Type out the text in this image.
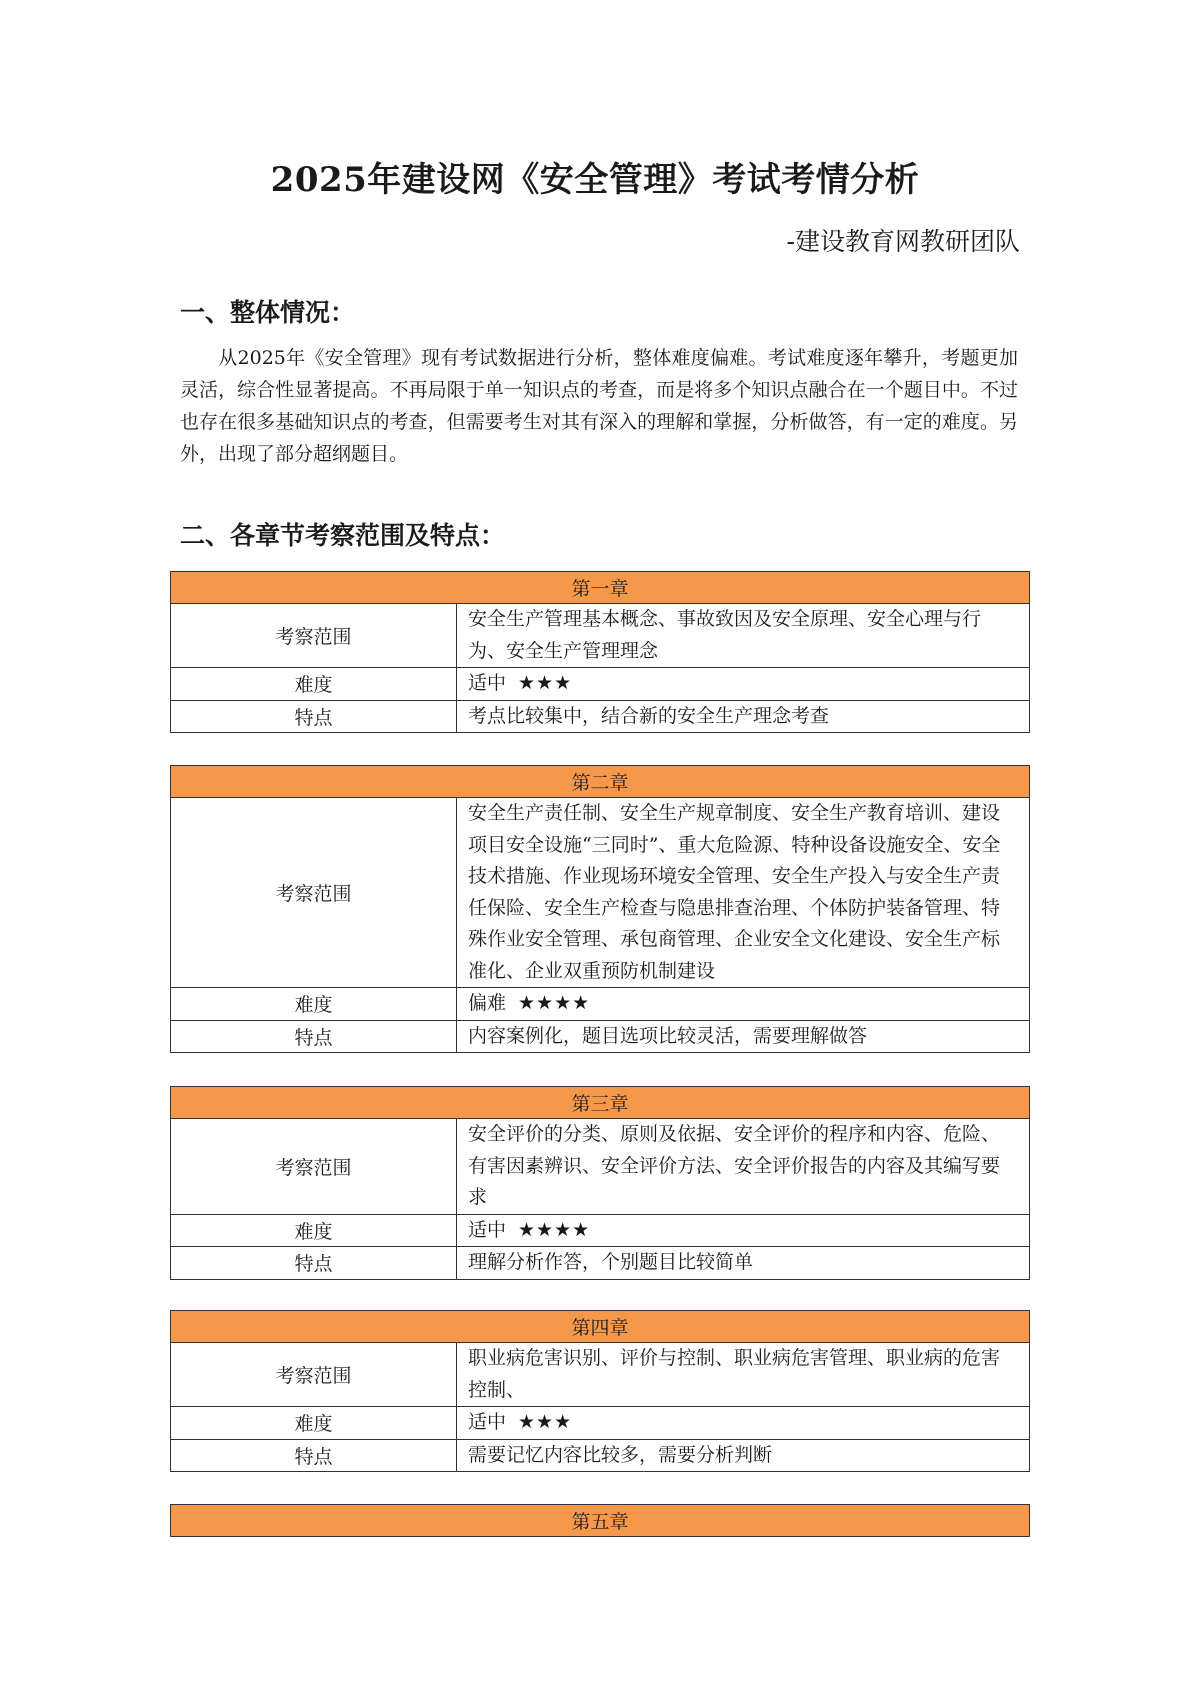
2025年建设网《安全管理》考试考情分析
-建设教育网教研团队
一、整体情况：
从2025年《安全管理》现有考试数据进行分析，整体难度偏难。考试难度逐年攀升，考题更加灵活，综合性显著提高。不再局限于单一知识点的考查，而是将多个知识点融合在一个题目中。不过也存在很多基础知识点的考查，但需要考生对其有深入的理解和掌握，分析做答，有一定的难度。另外，出现了部分超纲题目。
二、各章节考察范围及特点：
第一章	
考察范围	安全生产管理基本概念、事故致因及安全原理、安全心理与行为、安全生产管理理念
难度	适中 ★★★
特点	考点比较集中，结合新的安全生产理念考查
第二章	
考察范围	安全生产责任制、安全生产规章制度、安全生产教育培训、建设项目安全设施“三同时”、重大危险源、特种设备设施安全、安全技术措施、作业现场环境安全管理、安全生产投入与安全生产责任保险、安全生产检查与隐患排查治理、个体防护装备管理、特殊作业安全管理、承包商管理、企业安全文化建设、安全生产标准化、企业双重预防机制建设
难度	偏难 ★★★★
特点	内容案例化，题目选项比较灵活，需要理解做答
第三章	
考察范围	安全评价的分类、原则及依据、安全评价的程序和内容、危险、有害因素辨识、安全评价方法、安全评价报告的内容及其编写要求
难度	适中 ★★★★
特点	理解分析作答，个别题目比较简单
第四章	
考察范围	职业病危害识别、评价与控制、职业病危害管理、职业病的危害控制、
难度	适中 ★★★
特点	需要记忆内容比较多，需要分析判断
第五章
